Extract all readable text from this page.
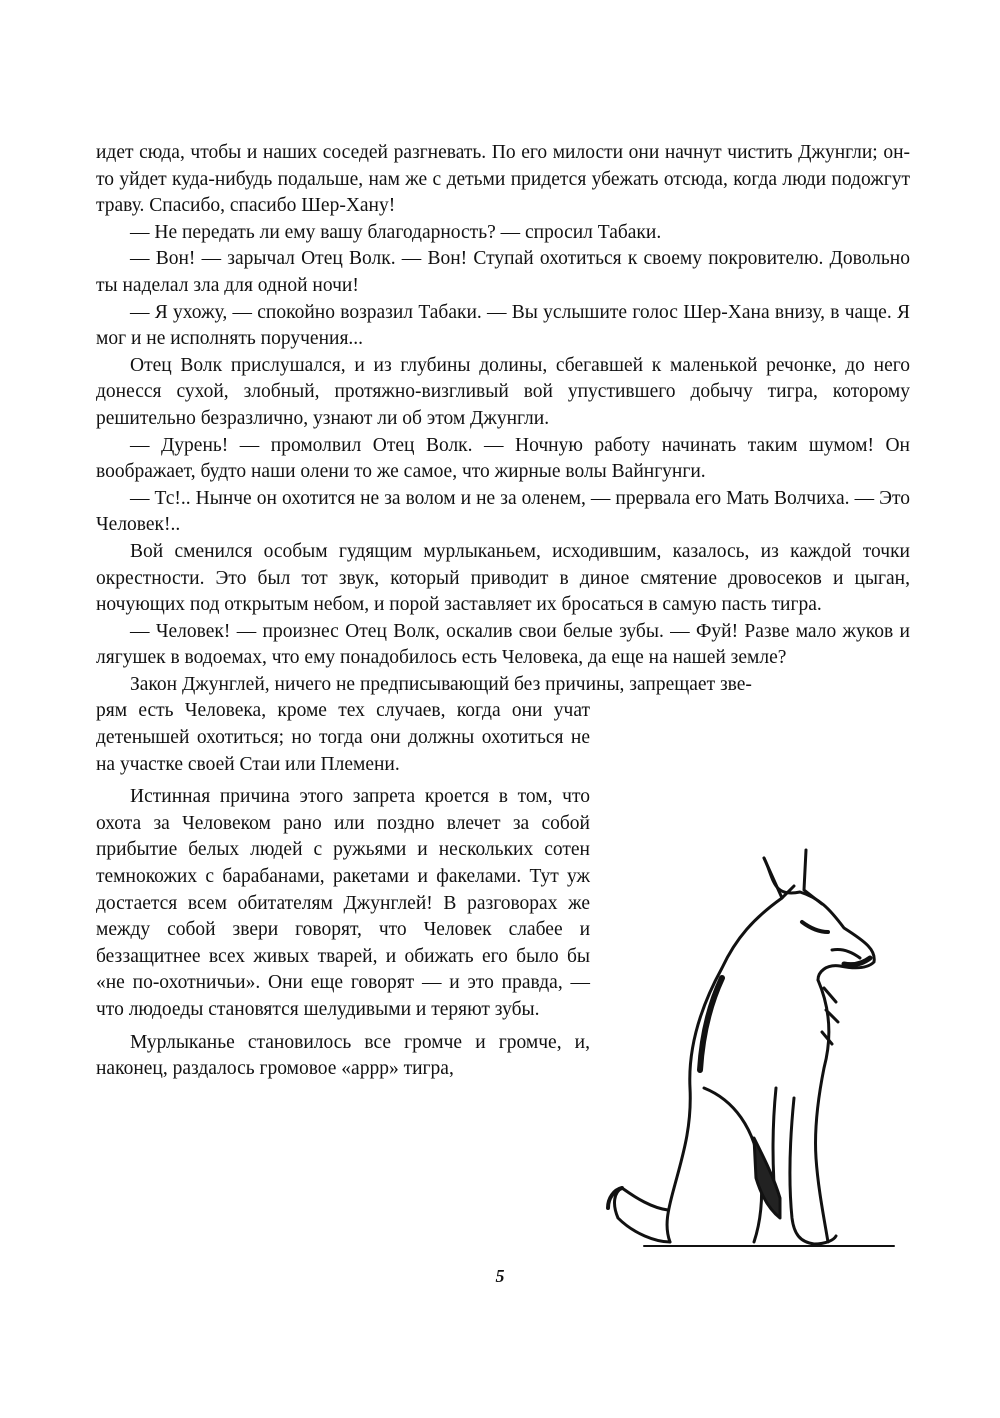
идет сюда, чтобы и наших соседей разгневать. По его милости они начнут чистить Джунгли; он-то уйдет куда-нибудь подальше, нам же с детьми придется убежать отсюда, когда люди подожгут траву. Спасибо, спасибо Шер-Хану!

— Не передать ли ему вашу благодарность? — спросил Табаки.

— Вон! — зарычал Отец Волк. — Вон! Ступай охотиться к своему покровителю. Довольно ты наделал зла для одной ночи!

— Я ухожу, — спокойно возразил Табаки. — Вы услышите голос Шер-Хана внизу, в чаще. Я мог и не исполнять поручения...

Отец Волк прислушался, и из глубины долины, сбегавшей к маленькой речонке, до него донесся сухой, злобный, протяжно-визгливый вой упустившего добычу тигра, которому решительно безразлично, узнают ли об этом Джунгли.

— Дурень! — промолвил Отец Волк. — Ночную работу начинать таким шумом! Он воображает, будто наши олени то же самое, что жирные волы Вайнгунги.

— Тс!.. Нынче он охотится не за волом и не за оленем, — прервала его Мать Волчиха. — Это Человек!..

Вой сменился особым гудящим мурлыканьем, исходившим, казалось, из каждой точки окрестности. Это был тот звук, который приводит в диное смятение дровосеков и цыган, ночующих под открытым небом, и порой заставляет их бросаться в самую пасть тигра.

— Человек! — произнес Отец Волк, оскалив свои белые зубы. — Фуй! Разве мало жуков и лягушек в водоемах, что ему понадобилось есть Человека, да еще на нашей земле?

Закон Джунглей, ничего не предписывающий без причины, запрещает зве-

рям есть Человека, кроме тех случаев, когда они учат детенышей охотиться; но тогда они должны охотиться не на участке своей Стаи или Племени.

Истинная причина этого запрета кроется в том, что охота за Человеком рано или поздно влечет за собой прибытие белых людей с ружьями и нескольких сотен темнокожих с барабанами, ракетами и факелами. Тут уж достается всем обитателям Джунглей! В разговорах же между собой звери говорят, что Человек слабее и беззащитнее всех живых тварей, и обижать его было бы «не по-охотничьи». Они еще говорят — и это правда, — что людоеды становятся шелудивыми и теряют зубы.

Мурлыканье становилось все громче и громче, и, наконец, раздалось громовое «аррр» тигра,

5
